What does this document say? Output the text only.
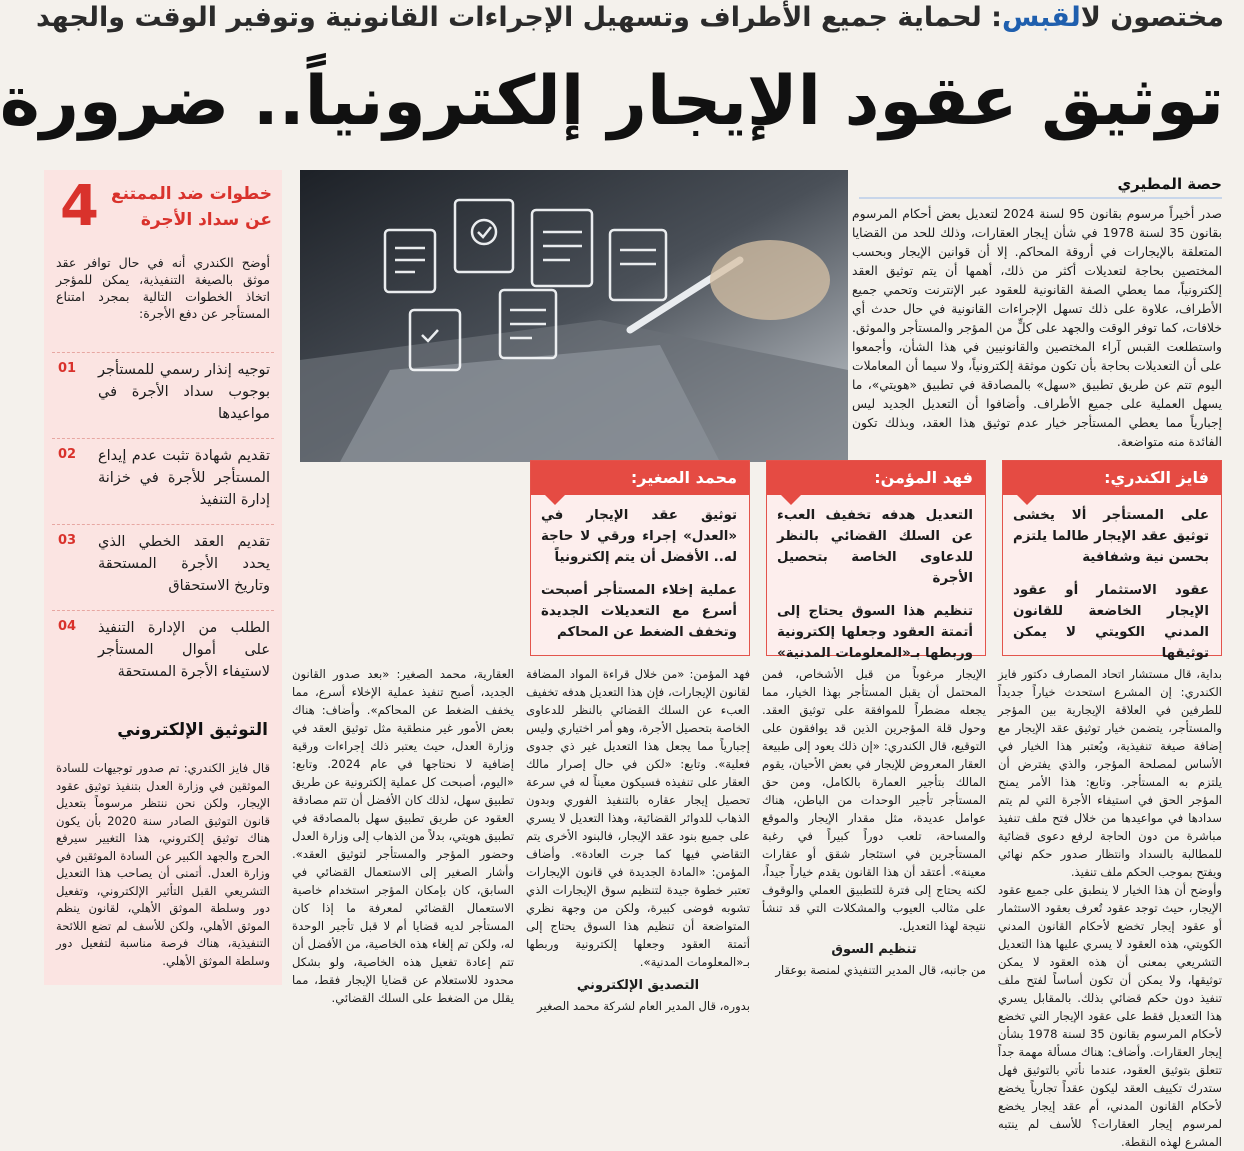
مختصون لالقبس: لحماية جميع الأطراف وتسهيل الإجراءات القانونية وتوفير الوقت والجهد
توثيق عقود الإيجار إلكترونياً.. ضرورة
حصة المطيري
صدر أخيراً مرسوم بقانون 95 لسنة 2024 لتعديل بعض أحكام المرسوم بقانون 35 لسنة 1978 في شأن إيجار العقارات، وذلك للحد من القضايا المتعلقة بالإيجارات في أروقة المحاكم. إلا أن قوانين الإيجار وبحسب المختصين بحاجة لتعديلات أكثر من ذلك، أهمها أن يتم توثيق العقد إلكترونياً، مما يعطي الصفة القانونية للعقود عبر الإنترنت وتحمي جميع الأطراف، علاوة على ذلك تسهل الإجراءات القانونية في حال حدث أي خلافات، كما توفر الوقت والجهد على كلٍّ من المؤجر والمستأجر والموثق. واستطلعت القبس آراء المختصين والقانونيين في هذا الشأن، وأجمعوا على أن التعديلات بحاجة بأن تكون موثقة إلكترونياً، ولا سيما أن المعاملات اليوم تتم عن طريق تطبيق «سهل» بالمصادقة في تطبيق «هويتي»، ما يسهل العملية على جميع الأطراف. وأضافوا أن التعديل الجديد ليس إجبارياً مما يعطي المستأجر خيار عدم توثيق هذا العقد، وبذلك تكون الفائدة منه متواضعة.
4 خطوات ضد الممتنع
عن سداد الأجرة
أوضح الكندري أنه في حال توافر عقد موثق بالصيغة التنفيذية، يمكن للمؤجر اتخاذ الخطوات التالية بمجرد امتناع المستأجر عن دفع الأجرة:
01 توجيه إنذار رسمي للمستأجر بوجوب سداد الأجرة في مواعيدها
02 تقديم شهادة تثبت عدم إيداع المستأجر للأجرة في خزانة إدارة التنفيذ
03 تقديم العقد الخطي الذي يحدد الأجرة المستحقة وتاريخ الاستحقاق
04 الطلب من الإدارة التنفيذ على أموال المستأجر لاستيفاء الأجرة المستحقة
التوثيق الإلكتروني
قال فايز الكندري: تم صدور توجيهات للسادة الموثقين في وزارة العدل بتنفيذ توثيق عقود الإيجار، ولكن نحن ننتظر مرسوماً بتعديل قانون التوثيق الصادر سنة 2020 بأن يكون هناك توثيق إلكتروني، هذا التغيير سيرفع الحرج والجهد الكبير عن السادة الموثقين في وزارة العدل. أتمنى أن يصاحب هذا التعديل التشريعي القبل التأثير الإلكتروني، وتفعيل دور وسلطة الموثق الأهلي، لقانون ينظم الموثق الأهلي، ولكن للأسف لم تضع اللائحة التنفيذية، هناك فرصة مناسبة لتفعيل دور وسلطة الموثق الأهلي.
فايز الكندري:
على المستأجر ألا يخشى توثيق عقد الإيجار طالما يلتزم بحسن نية وشفافية
عقود الاستثمار أو عقود الإيجار الخاضعة للقانون المدني الكويتي لا يمكن توثيقها
فهد المؤمن:
التعديل هدفه تخفيف العبء عن السلك القضائي بالنظر للدعاوى الخاصة بتحصيل الأجرة
تنظيم هذا السوق يحتاج إلى أتمتة العقود وجعلها إلكترونية وربطها بـ«المعلومات المدنية»
محمد الصغير:
توثيق عقد الإيجار في «العدل» إجراء ورقي لا حاجة له.. الأفضل أن يتم إلكترونياً
عملية إخلاء المستأجر أصبحت أسرع مع التعديلات الجديدة وتخفف الضغط عن المحاكم
بداية، قال مستشار اتحاد المصارف دكتور فايز الكندري: إن المشرع استحدث خياراً جديداً للطرفين في العلاقة الإيجارية بين المؤجر والمستأجر، يتضمن خيار توثيق عقد الإيجار مع إضافة صيغة تنفيذية، ويُعتبر هذا الخيار في الأساس لمصلحة المؤجر، والذي يفترض أن يلتزم به المستأجر. وتابع: هذا الأمر يمنح المؤجر الحق في استيفاء الأجرة التي لم يتم سدادها في مواعيدها من خلال فتح ملف تنفيذ مباشرة من دون الحاجة لرفع دعوى قضائية للمطالبة بالسداد وانتظار صدور حكم نهائي ويفتح بموجب الحكم ملف تنفيذ.
وأوضح أن هذا الخيار لا ينطبق على جميع عقود الإيجار، حيث توجد عقود تُعرف بعقود الاستثمار أو عقود إيجار تخضع لأحكام القانون المدني الكويتي، هذه العقود لا يسري عليها هذا التعديل التشريعي بمعنى أن هذه العقود لا يمكن توثيقها، ولا يمكن أن تكون أساساً لفتح ملف تنفيذ دون حكم قضائي بذلك. بالمقابل يسري هذا التعديل فقط على عقود الإيجار التي تخضع لأحكام المرسوم بقانون 35 لسنة 1978 بشأن إيجار العقارات. وأضاف: هناك مسألة مهمة جداً تتعلق بتوثيق العقود، عندما نأتي بالتوثيق فهل ستدرك تكييف العقد ليكون عقداً تجارياً يخضع لأحكام القانون المدني، أم عقد إيجار يخضع لمرسوم إيجار العقارات؟ للأسف لم ينتبه المشرع لهذه النقطة.
الإيجار مرغوباً من قبل الأشخاص، فمن المحتمل أن يقبل المستأجر بهذا الخيار، مما يجعله مضطراً للموافقة على توثيق العقد. وحول قلة المؤجرين الذين قد يوافقون على التوقيع، قال الكندري: «إن ذلك يعود إلى طبيعة العقار المعروض للإيجار في بعض الأحيان، يقوم المالك بتأجير العمارة بالكامل، ومن حق المستأجر تأجير الوحدات من الباطن، هناك عوامل عديدة، مثل مقدار الإيجار والموقع والمساحة، تلعب دوراً كبيراً في رغبة المستأجرين في استئجار شقق أو عقارات معينة». أعتقد أن هذا القانون يقدم خياراً جيداً، لكنه يحتاج إلى فترة للتطبيق العملي والوقوف على مثالب العيوب والمشكلات التي قد تنشأ نتيجة لهذا التعديل.
تنظيم السوق
من جانبه، قال المدير التنفيذي لمنصة بوعقار
فهد المؤمن: «من خلال قراءة المواد المضافة لقانون الإيجارات، فإن هذا التعديل هدفه تخفيف العبء عن السلك القضائي بالنظر للدعاوى الخاصة بتحصيل الأجرة، وهو أمر اختياري وليس إجبارياً مما يجعل هذا التعديل غير ذي جدوى فعلية». وتابع: «لكن في حال إصرار مالك العقار على تنفيذه فسيكون معيناً له في سرعة تحصيل إيجار عقاره بالتنفيذ الفوري وبدون الذهاب للدوائر القضائية، وهذا التعديل لا يسري على جميع بنود عقد الإيجار، فالبنود الأخرى يتم التقاضي فيها كما جرت العادة». وأضاف المؤمن: «المادة الجديدة في قانون الإيجارات تعتبر خطوة جيدة لتنظيم سوق الإيجارات الذي تشوبه فوضى كبيرة، ولكن من وجهة نظري المتواضعة أن تنظيم هذا السوق يحتاج إلى أتمتة العقود وجعلها إلكترونية وربطها بـ«المعلومات المدنية».
التصديق الإلكتروني
بدوره، قال المدير العام لشركة محمد الصغير
العقارية، محمد الصغير: «بعد صدور القانون الجديد، أصبح تنفيذ عملية الإخلاء أسرع، مما يخفف الضغط عن المحاكم». وأضاف: هناك بعض الأمور غير منطقية مثل توثيق العقد في وزارة العدل، حيث يعتبر ذلك إجراءات ورقية إضافية لا نحتاجها في عام 2024. وتابع: «اليوم، أصبحت كل عملية إلكترونية عن طريق تطبيق سهل، لذلك كان الأفضل أن تتم مصادقة العقود عن طريق تطبيق سهل بالمصادقة في تطبيق هويتي، بدلاً من الذهاب إلى وزارة العدل وحضور المؤجر والمستأجر لتوثيق العقد». وأشار الصغير إلى الاستعمال القضائي في السابق، كان بإمكان المؤجر استخدام خاصية الاستعمال القضائي لمعرفة ما إذا كان المستأجر لديه قضايا أم لا قبل تأجير الوحدة له، ولكن تم إلغاء هذه الخاصية، من الأفضل أن تتم إعادة تفعيل هذه الخاصية، ولو بشكل محدود للاستعلام عن قضايا الإيجار فقط، مما يقلل من الضغط على السلك القضائي.
